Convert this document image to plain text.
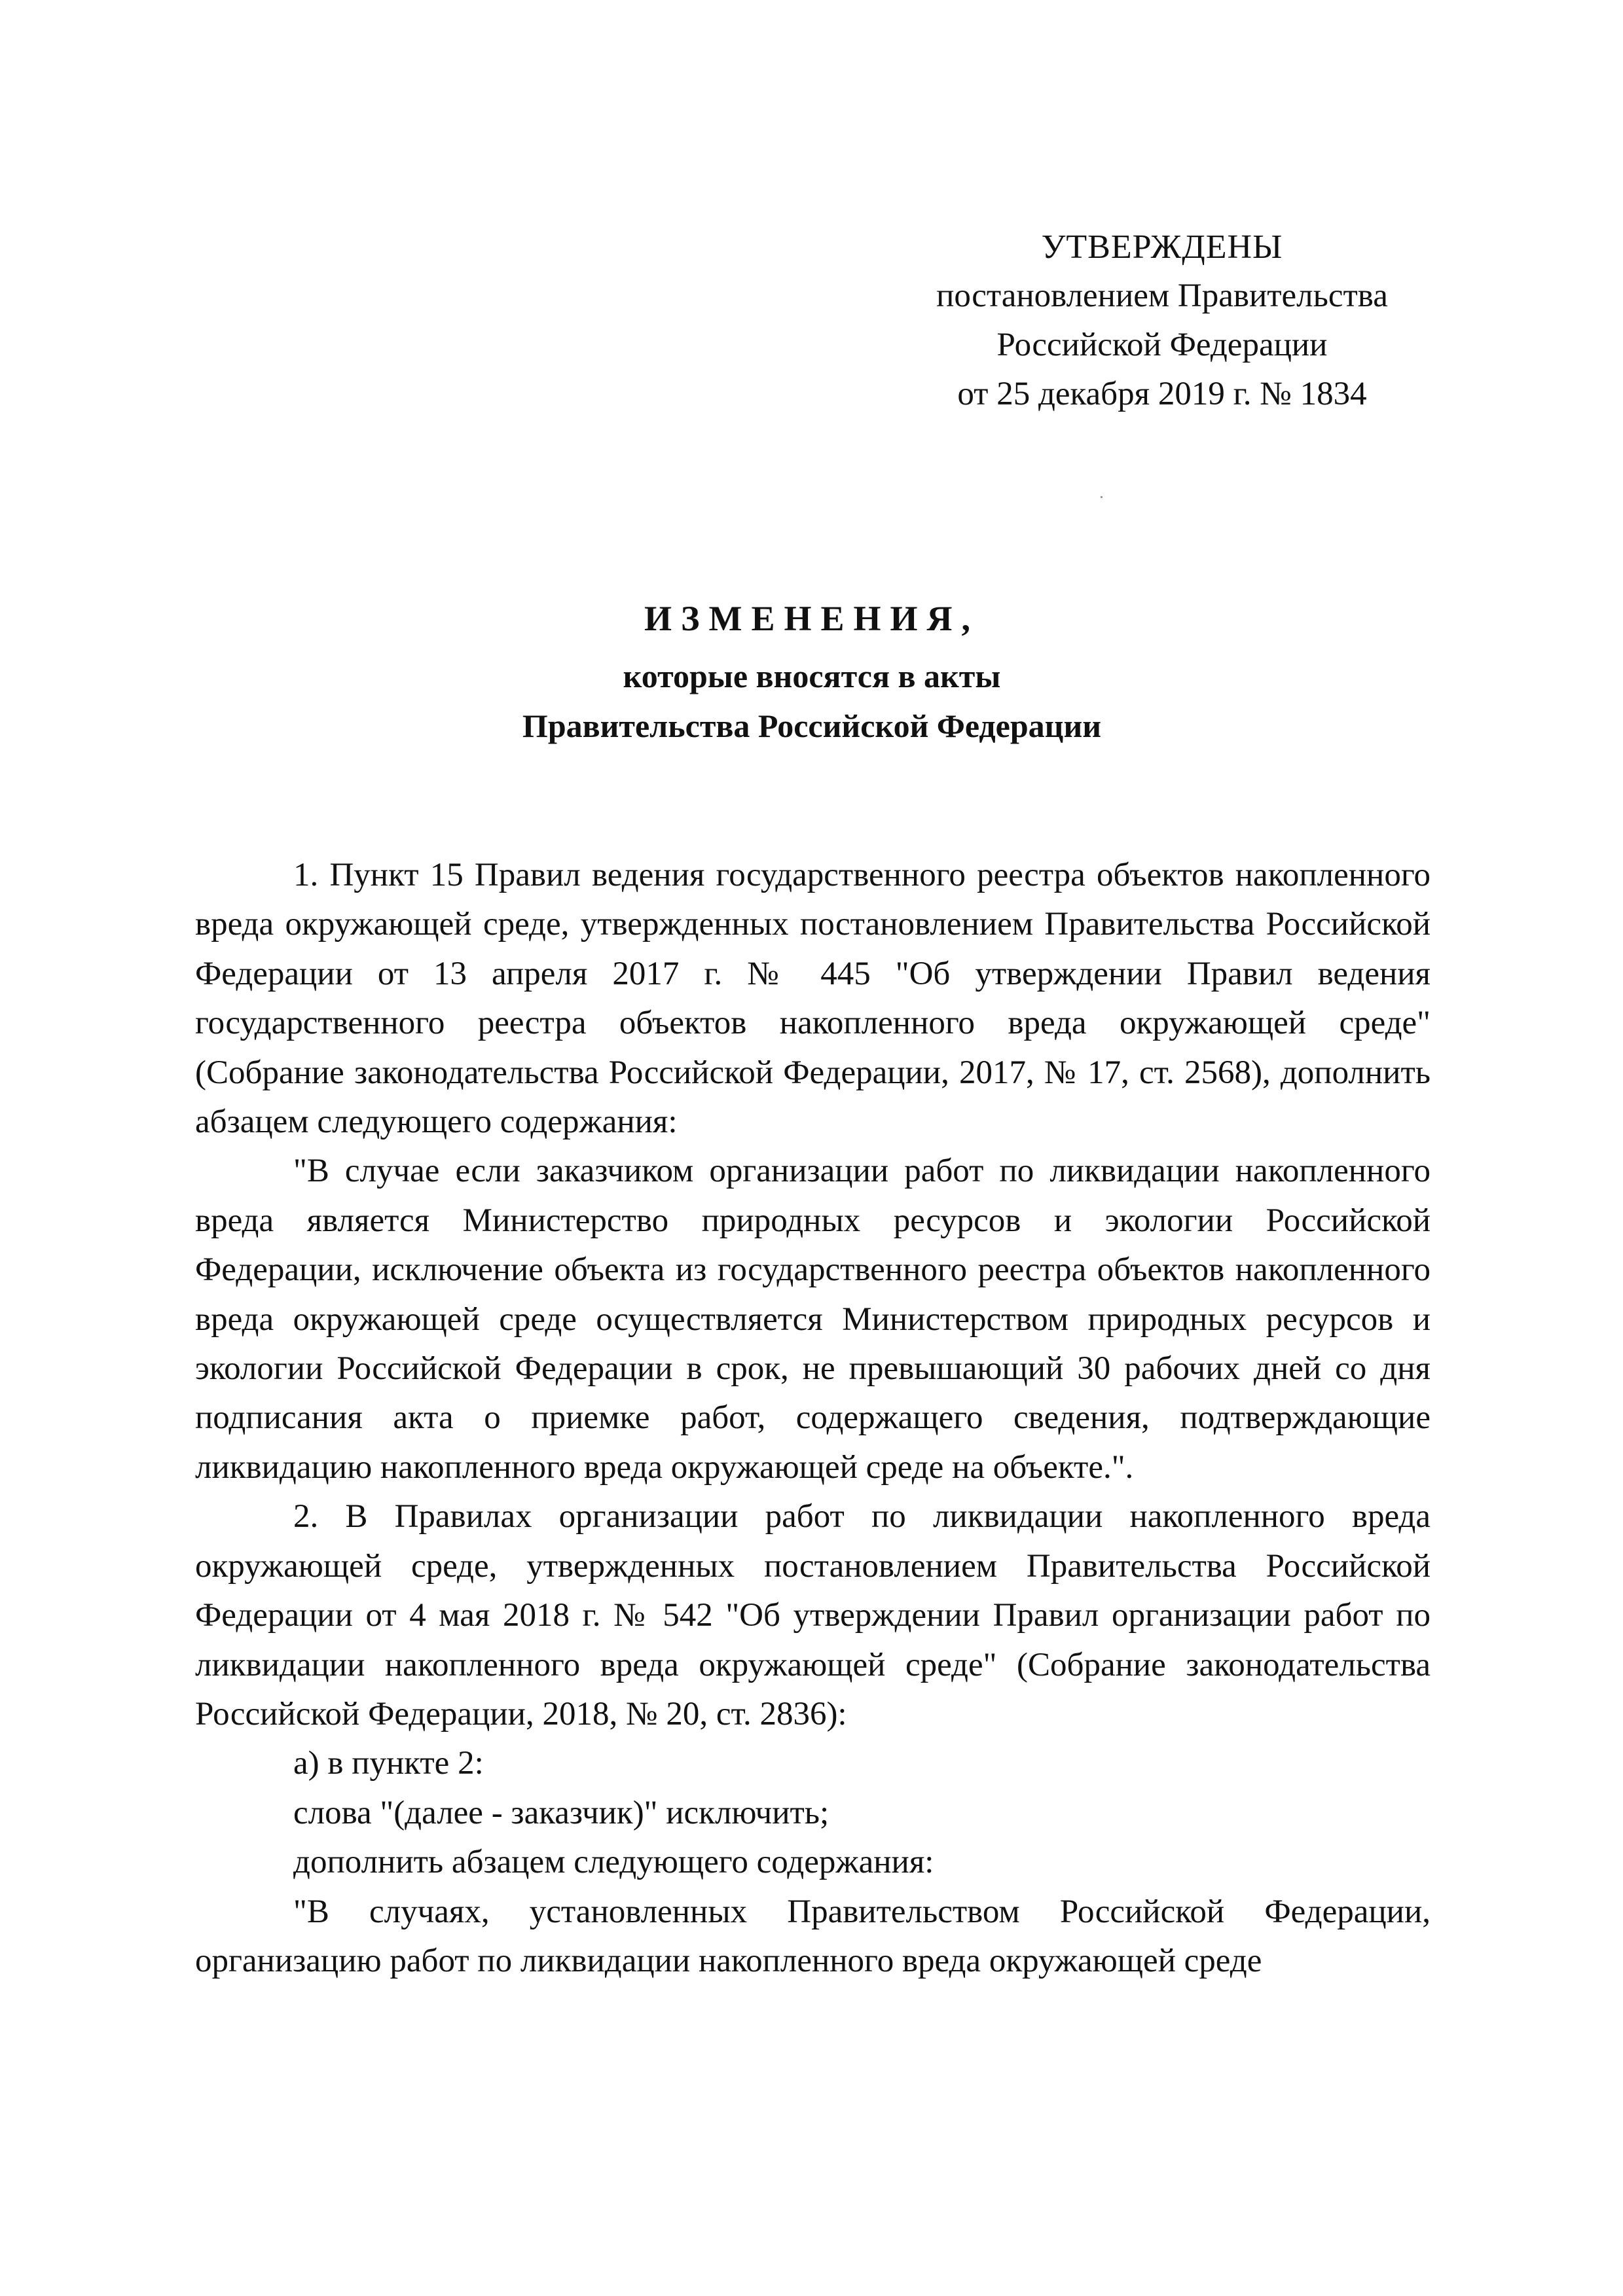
УТВЕРЖДЕНЫ
постановлением Правительства
Российской Федерации
от 25 декабря 2019 г. № 1834
ИЗМЕНЕНИЯ,
которые вносятся в акты
Правительства Российской Федерации

1. Пункт 15 Правил ведения государственного реестра объектов накопленного вреда окружающей среде, утвержденных постановлением Правительства Российской Федерации от 13 апреля 2017 г. № 445 "Об утверждении Правил ведения государственного реестра объектов накопленного вреда окружающей среде" (Собрание законодательства Российской Федерации, 2017, № 17, ст. 2568), дополнить абзацем следующего содержания:

"В случае если заказчиком организации работ по ликвидации накопленного вреда является Министерство природных ресурсов и экологии Российской Федерации, исключение объекта из государственного реестра объектов накопленного вреда окружающей среде осуществляется Министерством природных ресурсов и экологии Российской Федерации в срок, не превышающий 30 рабочих дней со дня подписания акта о приемке работ, содержащего сведения, подтверждающие ликвидацию накопленного вреда окружающей среде на объекте.".

2. В Правилах организации работ по ликвидации накопленного вреда окружающей среде, утвержденных постановлением Правительства Российской Федерации от 4 мая 2018 г. № 542 "Об утверждении Правил организации работ по ликвидации накопленного вреда окружающей среде" (Собрание законодательства Российской Федерации, 2018, № 20, ст. 2836):

а) в пункте 2:

слова "(далее - заказчик)" исключить;

дополнить абзацем следующего содержания:

"В случаях, установленных Правительством Российской Федерации, организацию работ по ликвидации накопленного вреда окружающей среде
